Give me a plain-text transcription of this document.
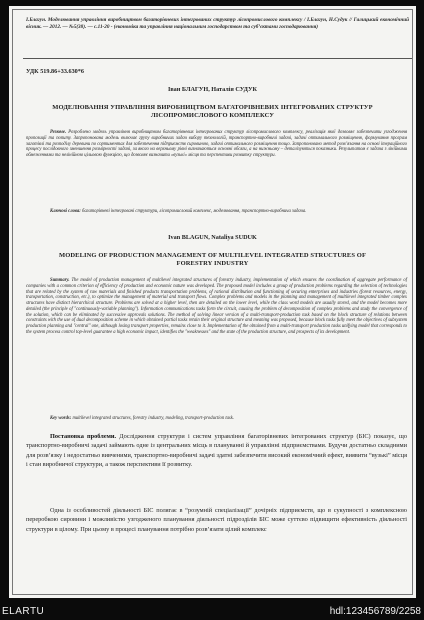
І.Благун. Моделювання управління виробництвом багаторівневих інтегрованих структур лісопромислового комплексу / І.Благун, Н.Судук // Галицький економічний вісник. — 2012. — №5(38). — с.11-20 - (економіка та управління національним господарством та суб’єктами господарювання)
УДК 519.86+33.630*6
Іван БЛАГУН, Наталія СУДУК
МОДЕЛЮВАННЯ УПРАВЛІННЯ ВИРОБНИЦТВОМ БАГАТОРІВНЕВИХ ІНТЕГРОВАНИХ СТРУКТУР ЛІСОПРОМИСЛОВОГО КОМПЛЕКСУ
Резюме. Розроблено модель управління виробництвом багаторівневих інтегрованих структур лісопромислового комплексу, реалізація якої дозволяє забезпечити узгодження пропозиції та попиту. Запропонована модель включає групу виробничих задач вибору технологій, транспортно-виробничі задачі, задачі оптимального розміщення, формування програм заготівлі та розподілу деревини по сортиментах для забезпечення підприємств сировиною, задачі оптимального розміщення тощо. Запропоновано метод розв’язання на основі ітераційного процесу послідовного зменшення розмірності задачі, за якого на верхньому рівні визначаються основні обсяги, а на нижньому – деталізуються показники. Результатом є задача з лінійними обмеженнями та нелінійною цільовою функцією, що дозволяє визначити «вузькі» місця та перспективи розвитку структури.
Ключові слова: багаторівневі інтегровані структури, лісопромисловий комплекс, моделювання, транспортно-виробнича задача.
Ivan BLAGUN, Nataliya SUDUK
MODELING OF PRODUCTION MANAGEMENT OF MULTILEVEL INTEGRATED STRUCTURES OF FORESTRY INDUSTRY
Summary. The model of production management of multilevel integrated structures of forestry industry, implementation of which ensures the coordination of aggregate performance of companies with a common criterion of efficiency of production and economic nature was developed. The proposed model includes a group of production problems regarding the selection of technologies that are related by the system of raw materials and finished products transportation problems, of rational distribution and functioning of securing enterprises and industries (forest resources, energy, transportation, construction, etc.), to optimize the management of material and transport flows. Complex problems and models in the planning and management of multilevel integrated timber complex structures have distinct hierarchical structure. Problems are solved at a higher level, then are detailed on the lower level, while the class word models are usually stored, and the model becomes more detailed (the principle of "continuously-variable planning"). Information communications tasks form the circuit, causing the problem of decomposition of complex problems and study the convergence of the solution, which can be eliminated by successive approvals solutions. The method of solving linear version of a multi-transport-production task based on the block structure of relations between constraints with the use of dual decomposition scheme in which obtained partial tasks retain their original structure and meaning was proposed, because block tasks fully meet the objectives of subsystem production planning and "central" one, although losing transport properties, remains close to it. Implementation of the obtained from a multi-transport production tasks unifying model that corresponds to the system process control top-level guarantee a high economic impact, identifies the "weaknesses" and the state of the production structure, and prospects of its development.
Key words: multilevel integrated structures, forestry industry, modeling, transport-production task.
Постановка проблеми. Дослідження структури і систем управління багаторівневих інтегрованих структур (БІС) показує, що транспортно-виробничі задачі займають одне із центральних місць в плануванні й управлінні підприємствами. Будучи достатньо складними для розв’язку і недостатньо вивченими, транспортно-виробничі задачі здатні забезпечити високий економічний ефект, виявити “вузькі” місця і стан виробничої структури, а також перспективи її розвитку.
Одна із особливостей діяльності БІС полягає в “розумній спеціалізації” дочірніх підприємств, що в сукупності з комплексною переробкою сировини і можливістю узгодженого планування діяльності підрозділів БІС може суттєво підвищити ефективність діяльності структури в цілому. При цьому в процесі планування потрібно розв’язати цілий комплекс
ELARTU	hdl:123456789/2258
